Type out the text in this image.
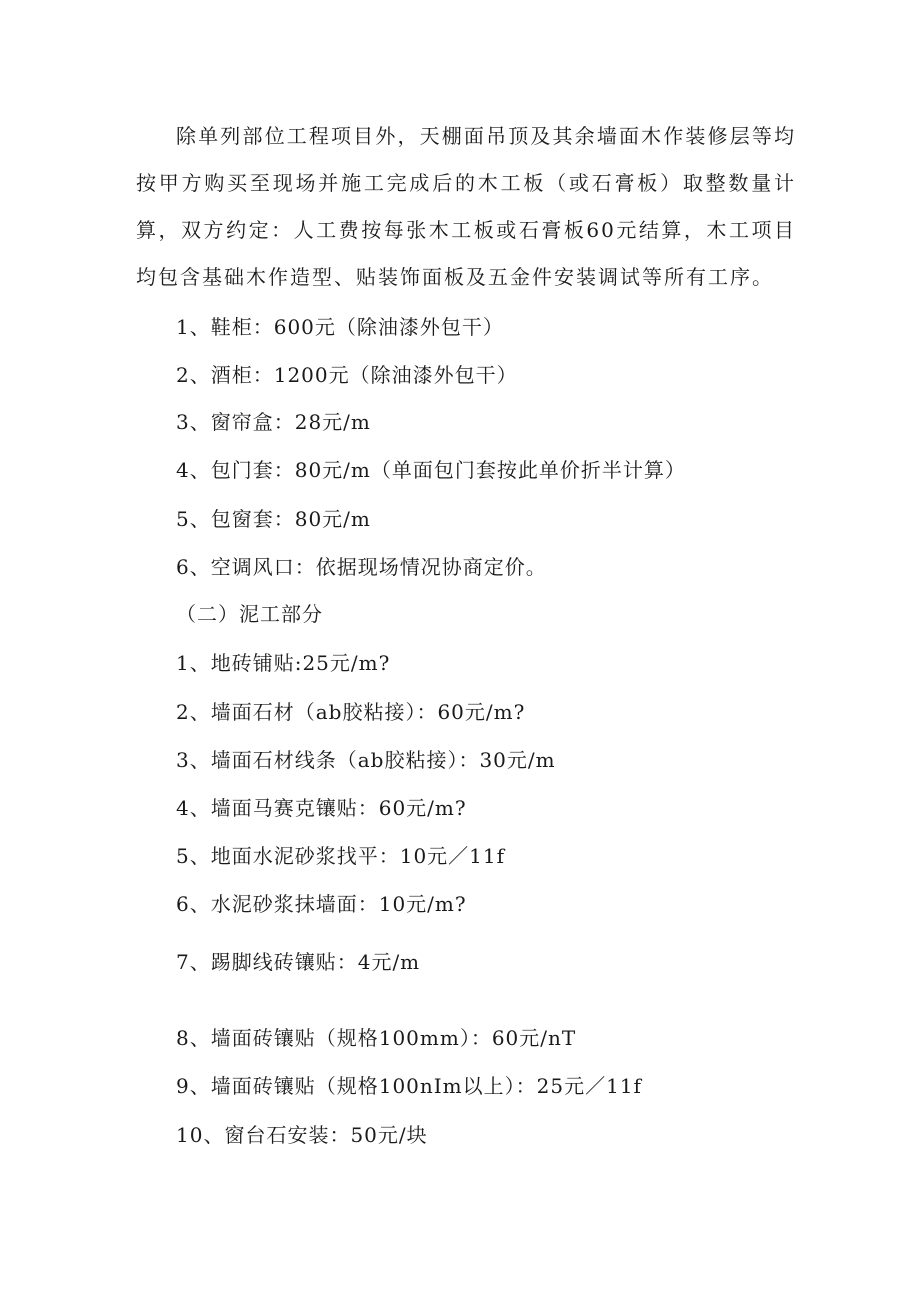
除单列部位工程项目外，天棚面吊顶及其余墙面木作装修层等均按甲方购买至现场并施工完成后的木工板（或石膏板）取整数量计算，双方约定：人工费按每张木工板或石膏板60元结算，木工项目均包含基础木作造型、贴装饰面板及五金件安装调试等所有工序。

1、鞋柜：600元（除油漆外包干）

2、酒柜：1200元（除油漆外包干）

3、窗帘盒：28元/m

4、包门套：80元/m（单面包门套按此单价折半计算）

5、包窗套：80元/m

6、空调风口：依据现场情况协商定价。

（二）泥工部分

1、地砖铺贴:25元/m?

2、墙面石材（ab胶粘接）：60元/m?

3、墙面石材线条（ab胶粘接）：30元/m

4、墙面马赛克镶贴：60元/m?

5、地面水泥砂浆找平：10元／11f

6、水泥砂浆抹墙面：10元/m?

7、踢脚线砖镶贴：4元/m

8、墙面砖镶贴（规格100mm）：60元/nT

9、墙面砖镶贴（规格100nIm以上）：25元／11f

10、窗台石安装：50元/块
